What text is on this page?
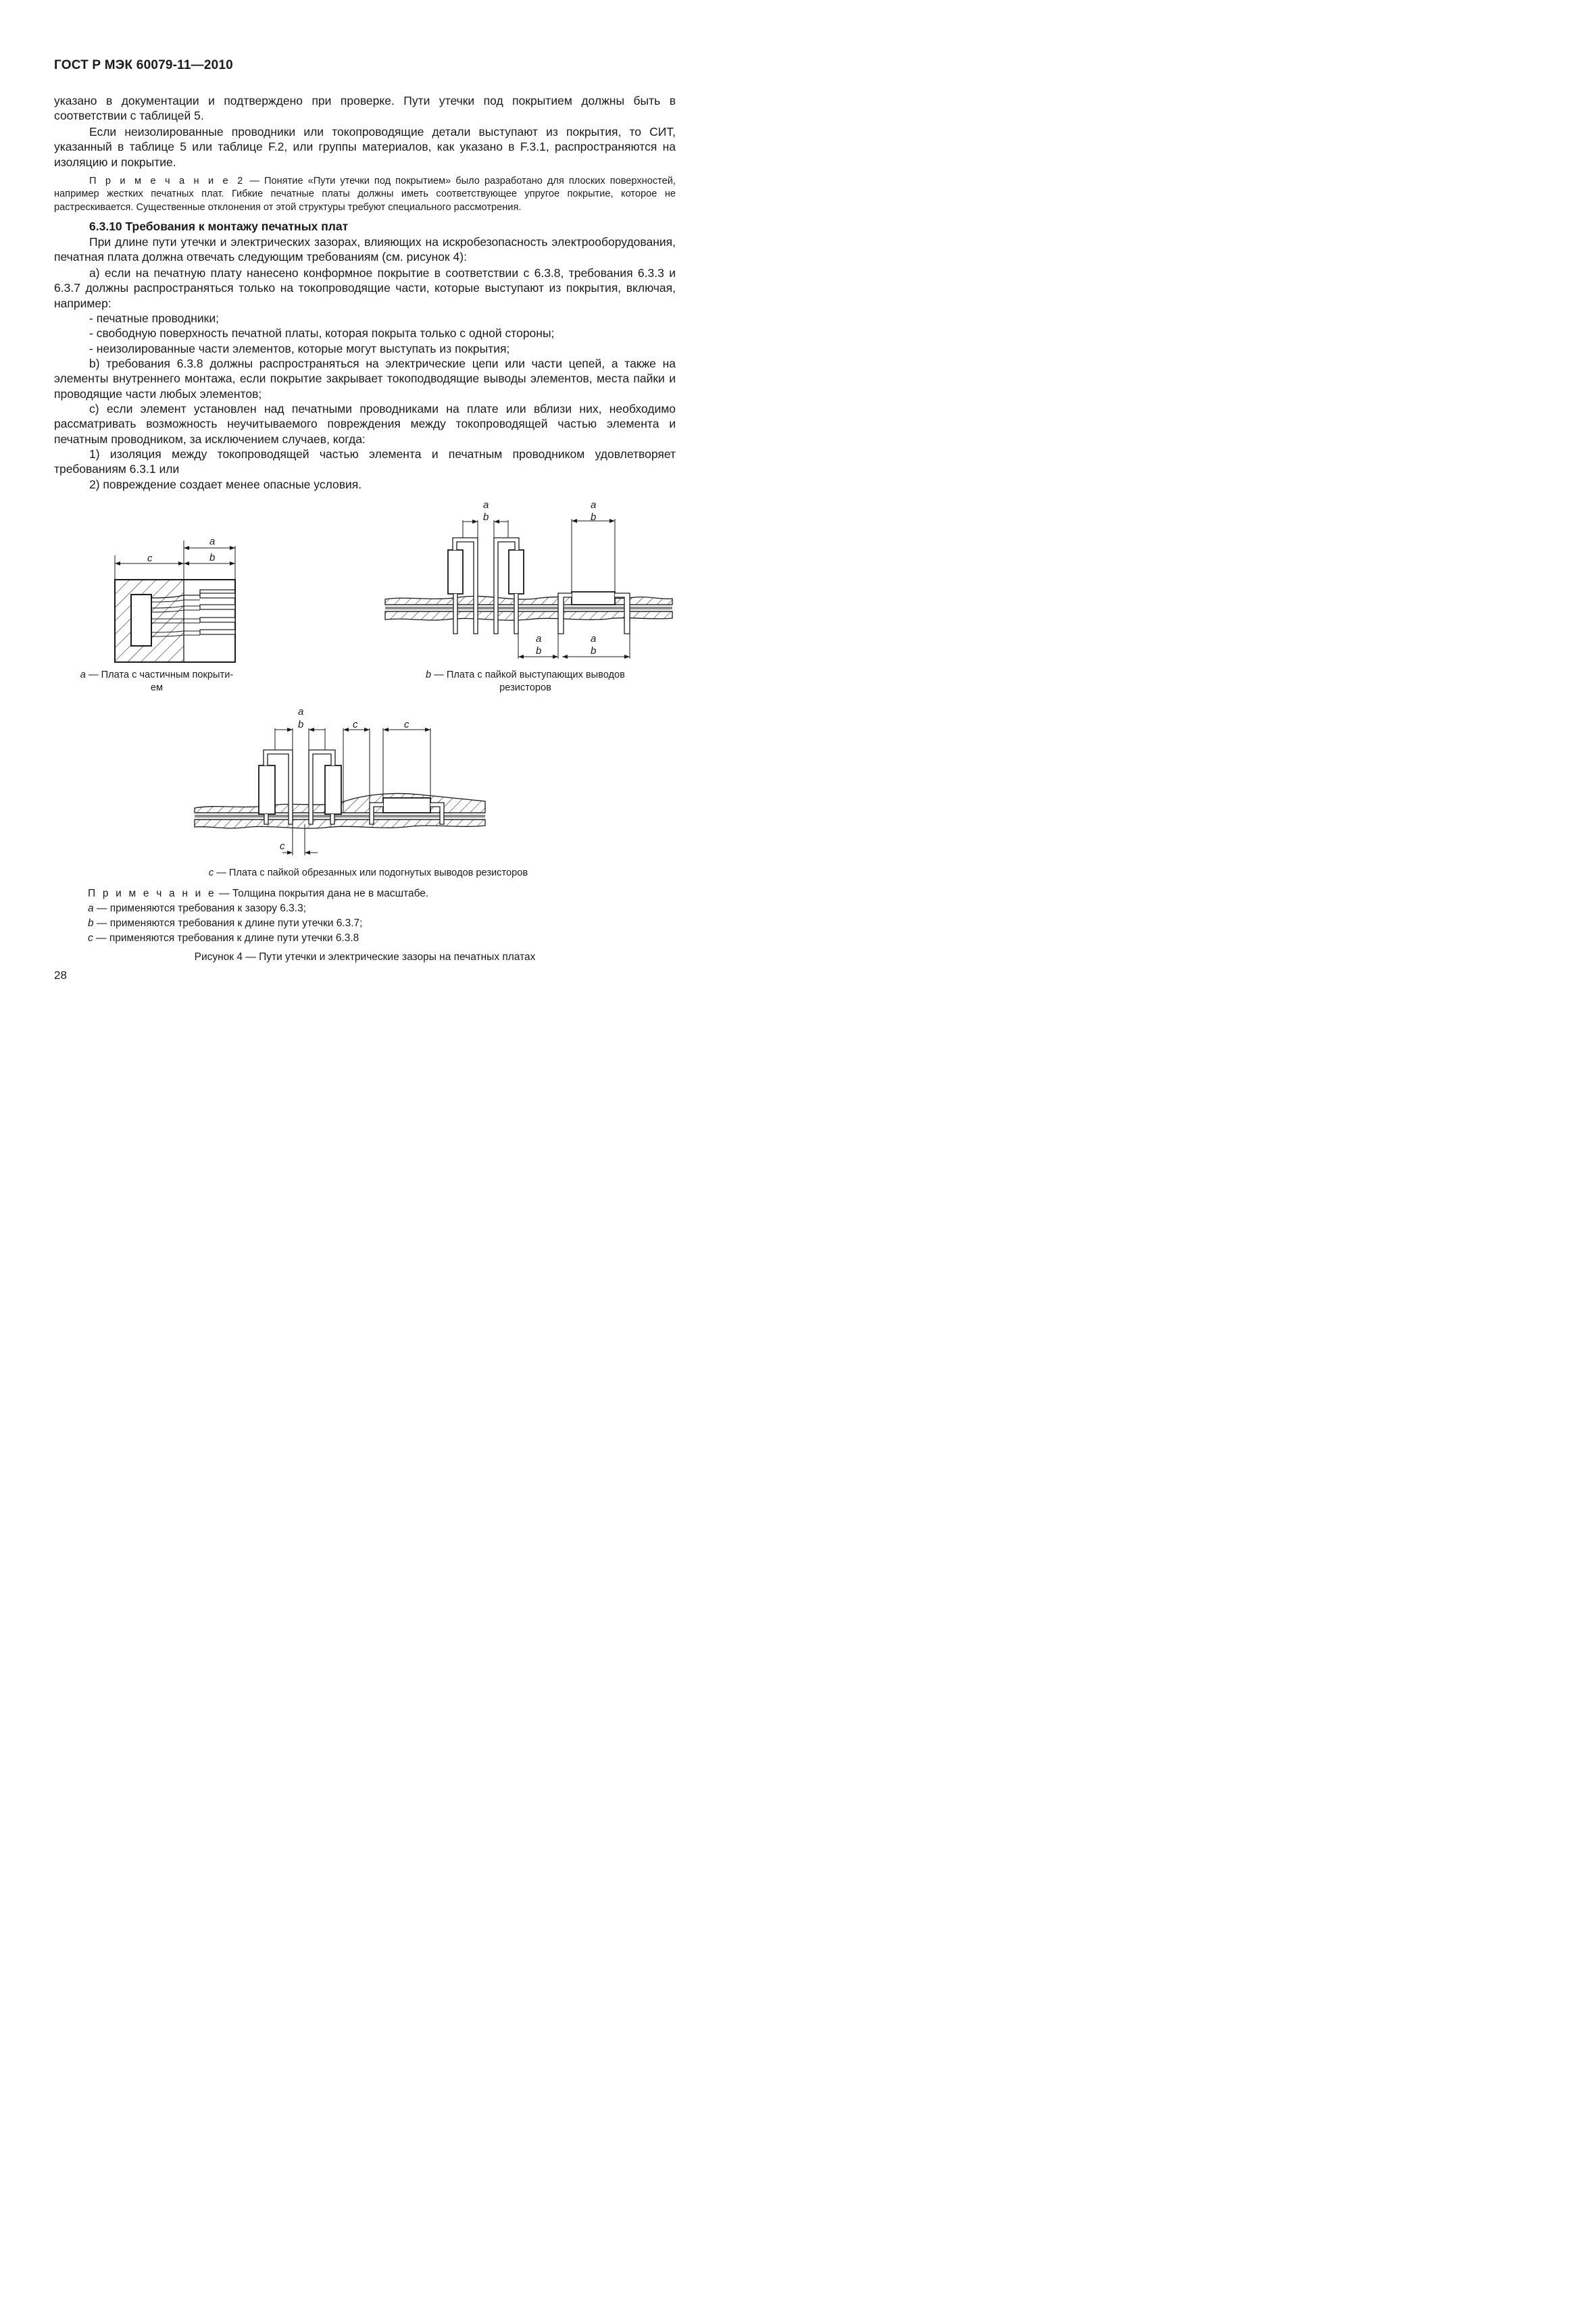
ГОСТ Р МЭК 60079-11—2010
указано в документации и подтверждено при проверке. Пути утечки под покрытием должны быть в соответствии с таблицей 5.
Если неизолированные проводники или токопроводящие детали выступают из покрытия, то СИТ, указанный в таблице 5 или таблице F.2, или группы материалов, как указано в F.3.1, распространяются на изоляцию и покрытие.
П р и м е ч а н и е 2 — Понятие «Пути утечки под покрытием» было разработано для плоских поверхностей, например жестких печатных плат. Гибкие печатные платы должны иметь соответствующее упругое покрытие, которое не растрескивается. Существенные отклонения от этой структуры требуют специального рассмотрения.
6.3.10 Требования к монтажу печатных плат
При длине пути утечки и электрических зазорах, влияющих на искробезопасность электрооборудования, печатная плата должна отвечать следующим требованиям (см. рисунок 4):
a) если на печатную плату нанесено конформное покрытие в соответствии с 6.3.8, требования 6.3.3 и 6.3.7 должны распространяться только на токопроводящие части, которые выступают из покрытия, включая, например:
- печатные проводники;
- свободную поверхность печатной платы, которая покрыта только с одной стороны;
- неизолированные части элементов, которые могут выступать из покрытия;
b) требования 6.3.8 должны распространяться на электрические цепи или части цепей, а также на элементы внутреннего монтажа, если покрытие закрывает токоподводящие выводы элементов, места пайки и проводящие части любых элементов;
c) если элемент установлен над печатными проводниками на плате или вблизи них, необходимо рассматривать возможность неучитываемого повреждения между токопроводящей частью элемента и печатным проводником, за исключением случаев, когда:
1) изоляция между токопроводящей частью элемента и печатным проводником удовлетворяет требованиям 6.3.1 или
2) повреждение создает менее опасные условия.
c
a
b
a
b
a
b
a
b
a
b
a
b	c	c
c
a — Плата с частичным покрыти-ем
b — Плата с пайкой выступающих выводов резисторов
c — Плата с пайкой обрезанных или подогнутых выводов резисторов
П р и м е ч а н и е — Толщина покрытия дана не в масштабе.
a — применяются требования к зазору 6.3.3;
b — применяются требования к длине пути утечки 6.3.7;
c — применяются требования к длине пути утечки 6.3.8
Рисунок 4 — Пути утечки и электрические зазоры на печатных платах
28
